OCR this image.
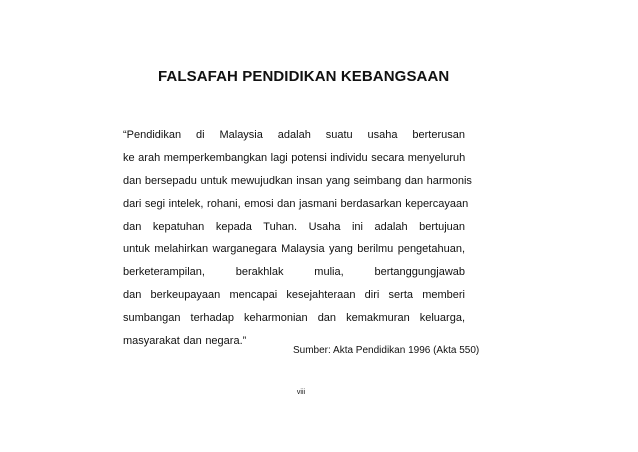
FALSAFAH PENDIDIKAN KEBANGSAAN
“Pendidikan di Malaysia adalah suatu usaha berterusan
ke arah memperkembangkan lagi potensi individu secara menyeluruh
dan bersepadu untuk mewujudkan insan yang seimbang dan harmonis
dari segi intelek, rohani, emosi dan jasmani berdasarkan kepercayaan
dan kepatuhan kepada Tuhan. Usaha ini adalah bertujuan
untuk melahirkan warganegara Malaysia yang berilmu pengetahuan,
berketerampilan, berakhlak mulia, bertanggungjawab
dan berkeupayaan mencapai kesejahteraan diri serta memberi
sumbangan terhadap keharmonian dan kemakmuran keluarga,
masyarakat dan negara.”
Sumber: Akta Pendidikan 1996 (Akta 550)
viii
